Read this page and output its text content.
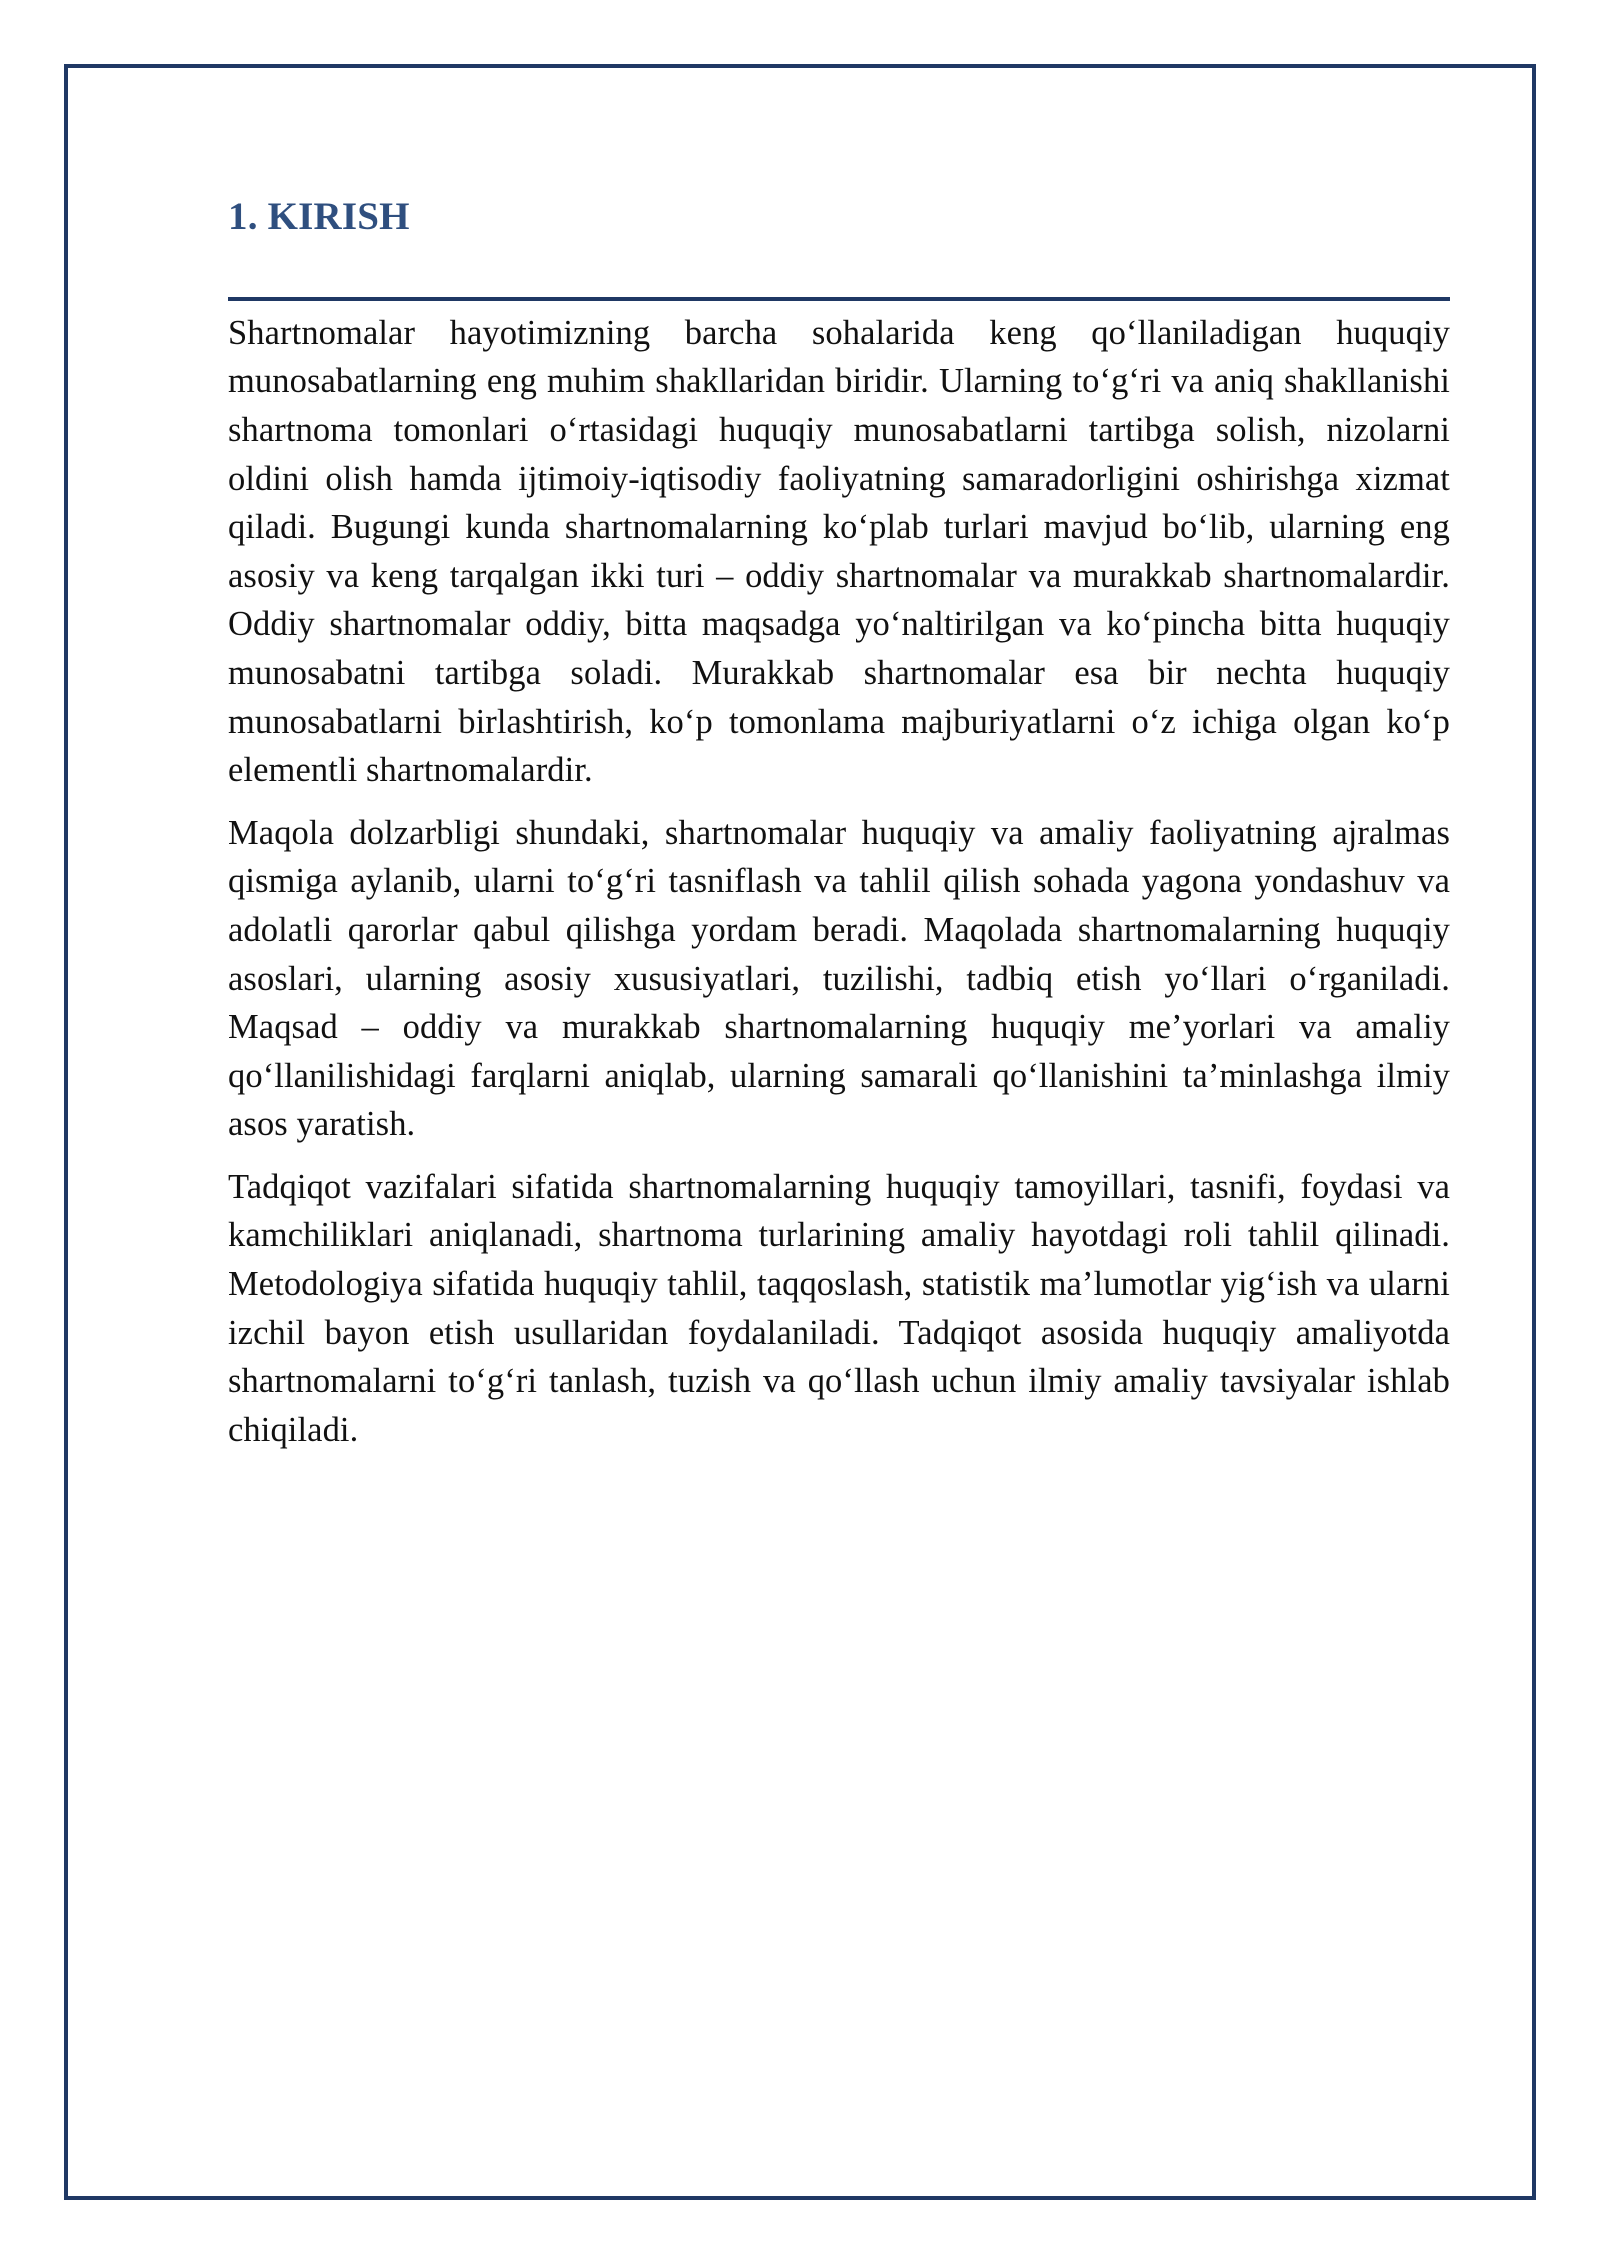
1. KIRISH

Shartnomalar hayotimizning barcha sohalarida keng qo‘llaniladigan huquqiy munosabatlarning eng muhim shakllaridan biridir. Ularning to‘g‘ri va aniq shakllanishi shartnoma tomonlari o‘rtasidagi huquqiy munosabatlarni tartibga solish, nizolarni oldini olish hamda ijtimoiy-iqtisodiy faoliyatning samaradorligini oshirishga xizmat qiladi. Bugungi kunda shartnomalarning ko‘plab turlari mavjud bo‘lib, ularning eng asosiy va keng tarqalgan ikki turi – oddiy shartnomalar va murakkab shartnomalardir. Oddiy shartnomalar oddiy, bitta maqsadga yo‘naltirilgan va ko‘pincha bitta huquqiy munosabatni tartibga soladi. Murakkab shartnomalar esa bir nechta huquqiy munosabatlarni birlashtirish, ko‘p tomonlama majburiyatlarni o‘z ichiga olgan ko‘p elementli shartnomalardir.

Maqola dolzarbligi shundaki, shartnomalar huquqiy va amaliy faoliyatning ajralmas qismiga aylanib, ularni to‘g‘ri tasniflash va tahlil qilish sohada yagona yondashuv va adolatli qarorlar qabul qilishga yordam beradi. Maqolada shartnomalarning huquqiy asoslari, ularning asosiy xususiyatlari, tuzilishi, tadbiq etish yo‘llari o‘rganiladi. Maqsad – oddiy va murakkab shartnomalarning huquqiy me’yorlari va amaliy qo‘llanilishidagi farqlarni aniqlab, ularning samarali qo‘llanishini ta’minlashga ilmiy asos yaratish.

Tadqiqot vazifalari sifatida shartnomalarning huquqiy tamoyillari, tasnifi, foydasi va kamchiliklari aniqlanadi, shartnoma turlarining amaliy hayotdagi roli tahlil qilinadi. Metodologiya sifatida huquqiy tahlil, taqqoslash, statistik ma’lumotlar yig‘ish va ularni izchil bayon etish usullaridan foydalaniladi. Tadqiqot asosida huquqiy amaliyotda shartnomalarni to‘g‘ri tanlash, tuzish va qo‘llash uchun ilmiy amaliy tavsiyalar ishlab chiqiladi.
